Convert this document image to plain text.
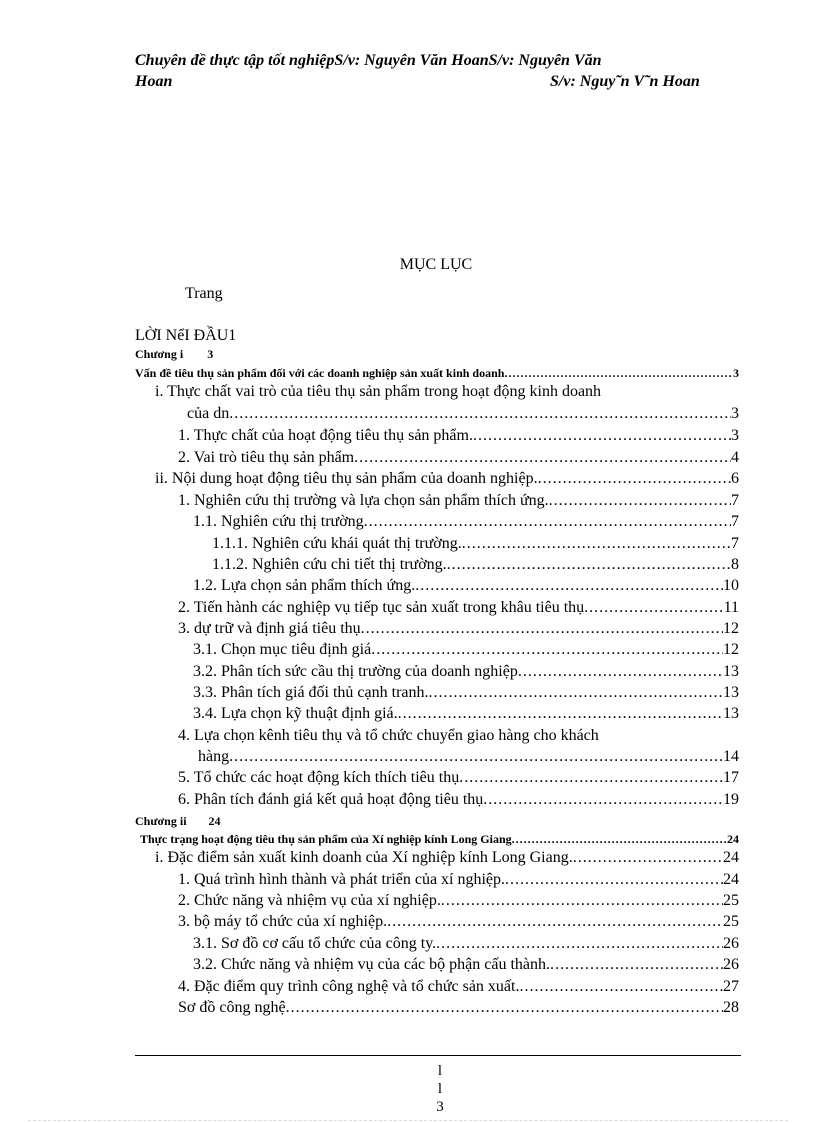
Chuyên đề thực tập tốt nghiệpS/v: Nguyên Văn HoanS/v: Nguyên Văn
Hoan	S/v: Nguy˜n V˜n Hoan
MỤC LỤC
Trang
LỜI NểI ĐẦU1
Chương i 3
Vấn đề tiêu thụ sản phẩm đối với các doanh nghiệp sản xuất kinh doanh .....	3
i. Thực chất vai trò của tiêu thụ sản phẩm trong hoạt động kinh doanh
của dn .....	3
1. Thực chất của hoạt động tiêu thụ sản phẩm. .....	3
2. Vai trò tiêu thụ sản phẩm .....	4
ii. Nội dung hoạt động tiêu thụ sản phẩm của doanh nghiệp. .....	6
1. Nghiên cứu thị trường và lựa chọn sản phẩm thích ứng. .....	7
1.1. Nghiên cứu thị trường .....	7
1.1.1. Nghiên cứu khái quát thị trường. .....	7
1.1.2. Nghiên cứu chi tiết thị trường. .....	8
1.2. Lựa chọn sản phẩm thích ứng. .....	10
2. Tiến hành các nghiệp vụ tiếp tục sản xuất trong khâu tiêu thụ .....	11
3. dự trữ và định giá tiêu thụ .....	12
3.1. Chọn mục tiêu định giá .....	12
3.2. Phân tích sức cầu thị trường của doanh nghiệp .....	13
3.3. Phân tích giá đối thủ cạnh tranh. .....	13
3.4. Lựa chọn kỹ thuật định giá. .....	13
4. Lựa chọn kênh tiêu thụ và tổ chức chuyển giao hàng cho khách
hàng .....	14
5. Tổ chức các hoạt động kích thích tiêu thụ .....	17
6. Phân tích đánh giá kết quả hoạt động tiêu thụ .....	19
Chương ii 24
Thực trạng hoạt động tiêu thụ sản phẩm của Xí nghiệp kính Long Giang .....	24
i. Đặc điểm sản xuất kinh doanh của Xí nghiệp kính Long Giang. .....	24
1. Quá trình hình thành và phát triển của xí nghiệp. .....	24
2. Chức năng và nhiệm vụ của xí nghiệp. .....	25
3. bộ máy tổ chức của xí nghiệp. .....	25
3.1. Sơ đồ cơ cấu tổ chức của công ty. .....	26
3.2. Chức năng và nhiệm vụ của các bộ phận cấu thành. .....	26
4. Đặc điểm quy trình công nghệ và tổ chức sản xuất. .....	27
Sơ đồ công nghệ .....	28
l
l
3
